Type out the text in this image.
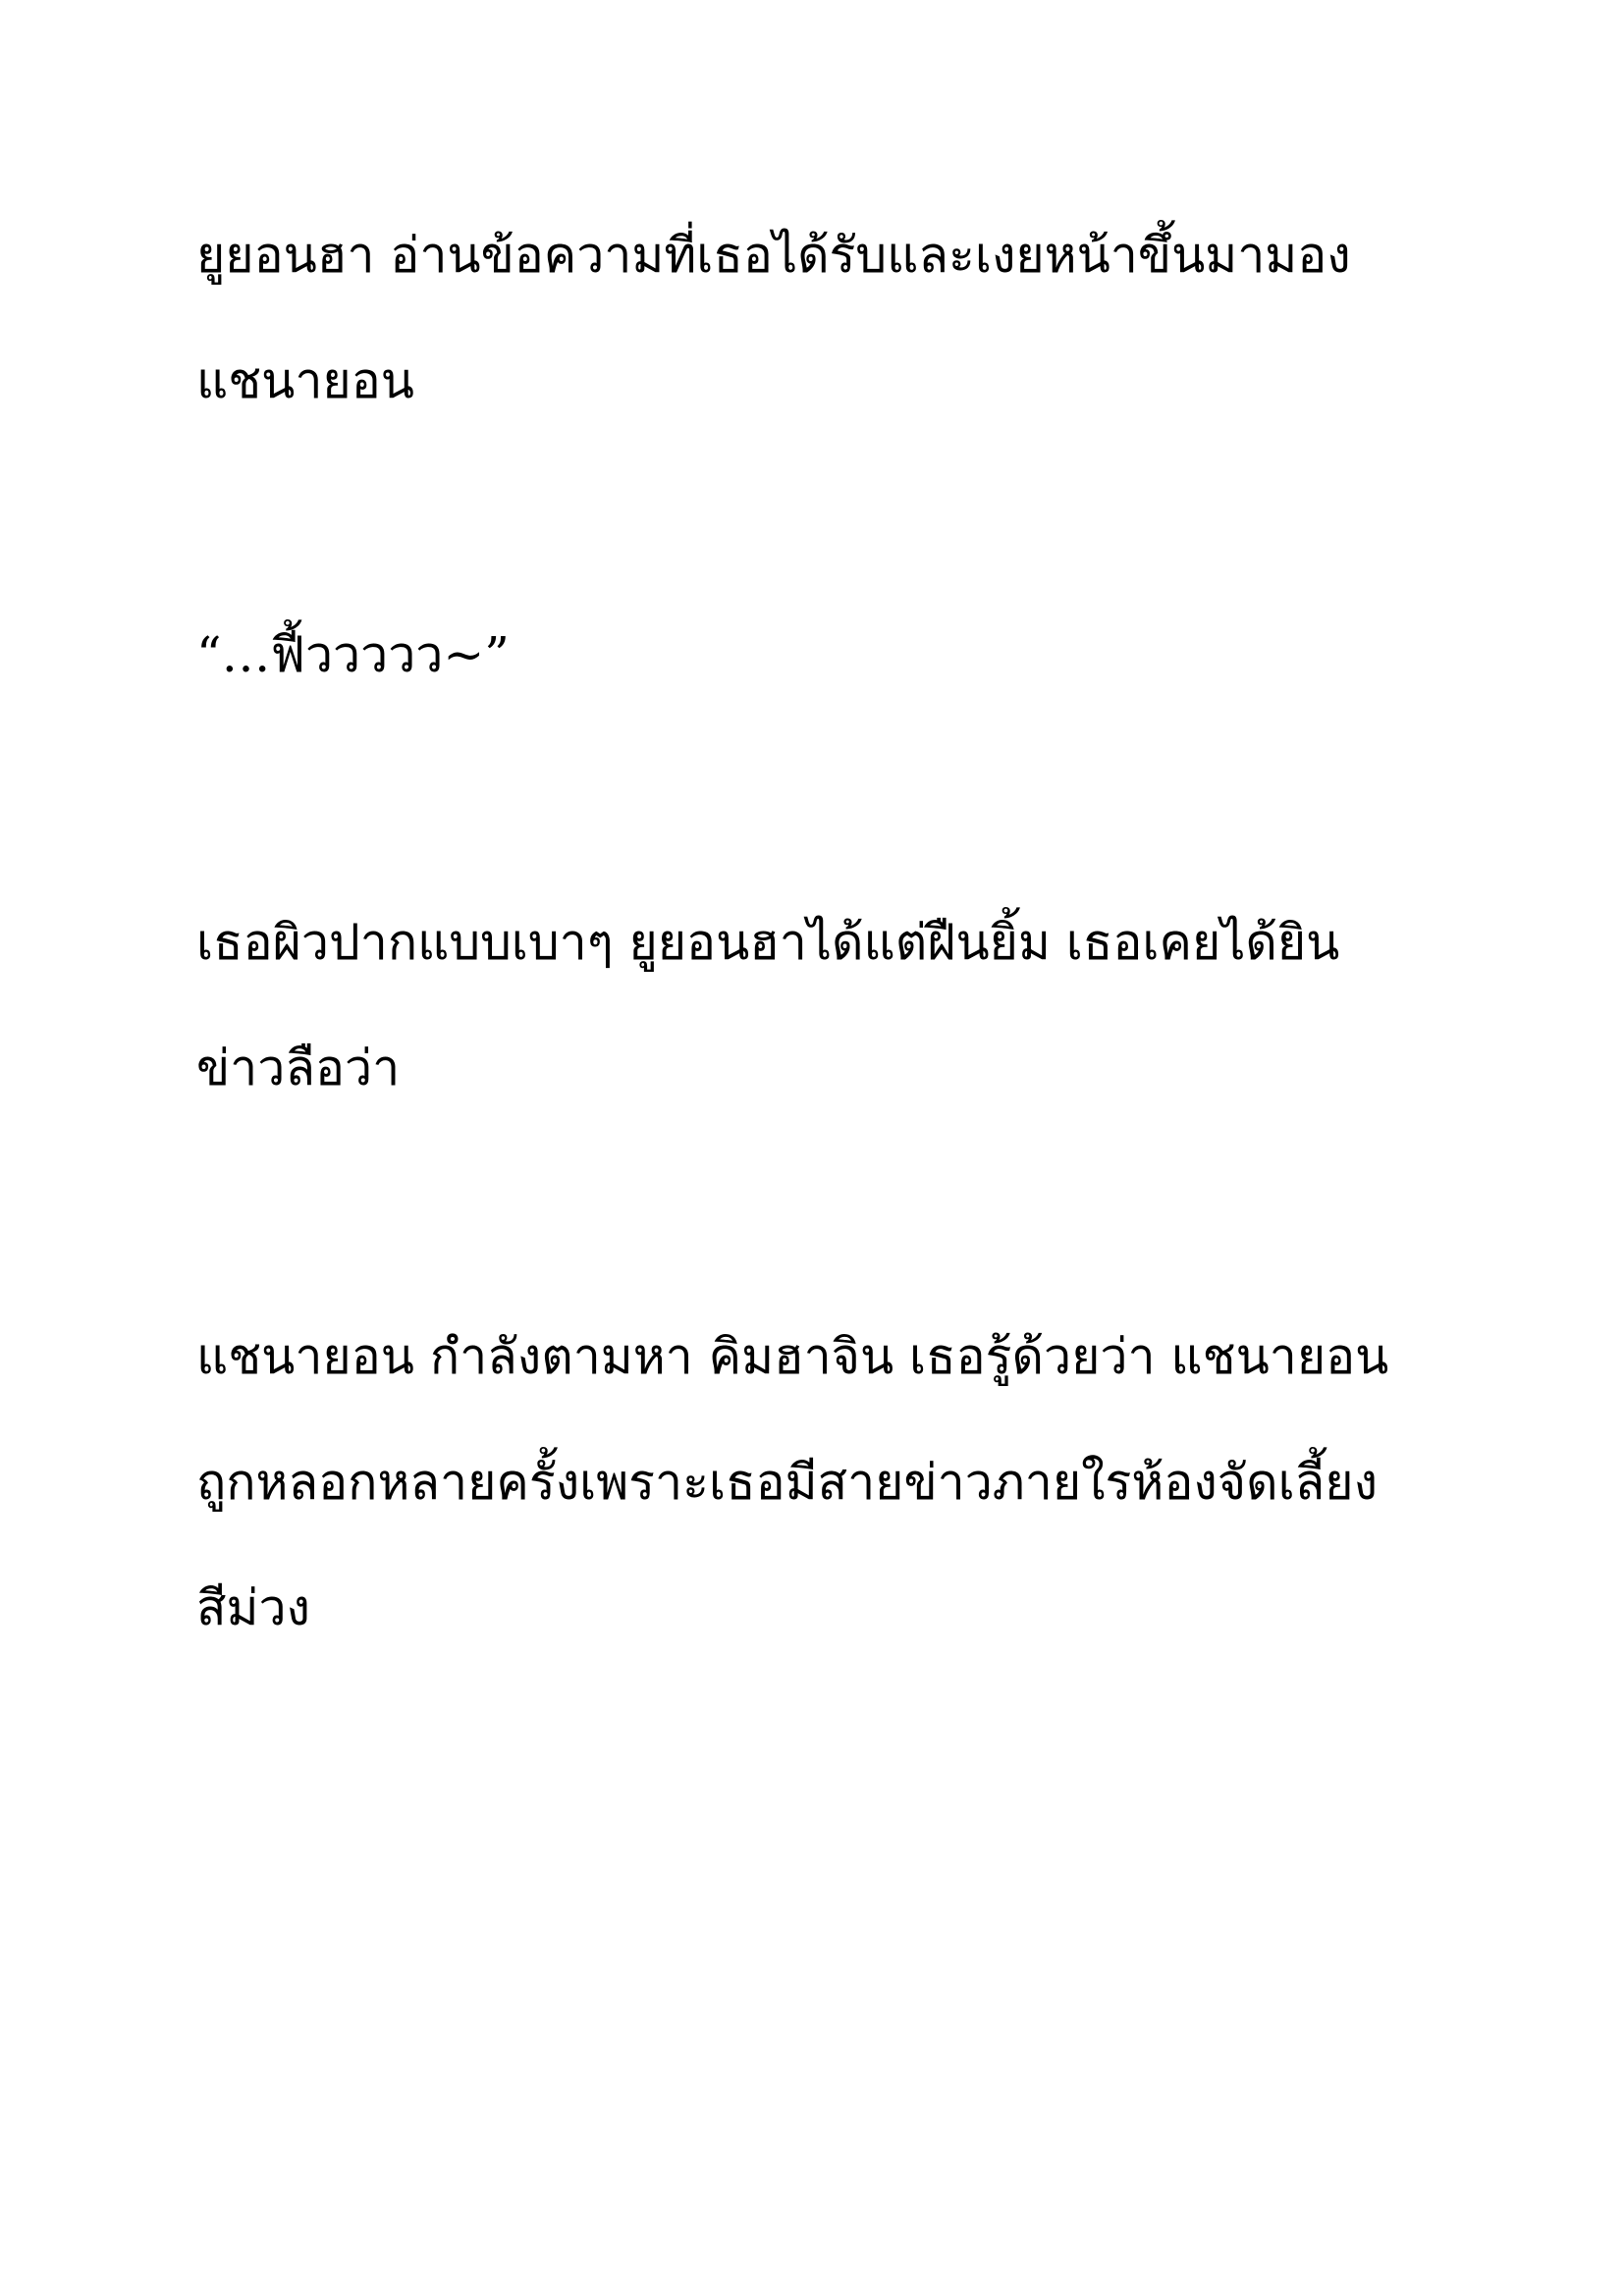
ยูยอนฮา อ่านข้อความที่เธอได้รับและเงยหน้าขึ้นมามอง

แชนายอน

“…ฟี้ววววว~”

เธอผิวปากแบบเบาๆ ยูยอนฮาได้แต่ฝืนยิ้ม เธอเคยได้ยิน

ข่าวลือว่า

แชนายอน กำลังตามหา คิมฮาจิน เธอรู้ด้วยว่า แชนายอน

ถูกหลอกหลายครั้งเพราะเธอมีสายข่าวภายใรห้องจัดเลี้ยง

สีม่วง
